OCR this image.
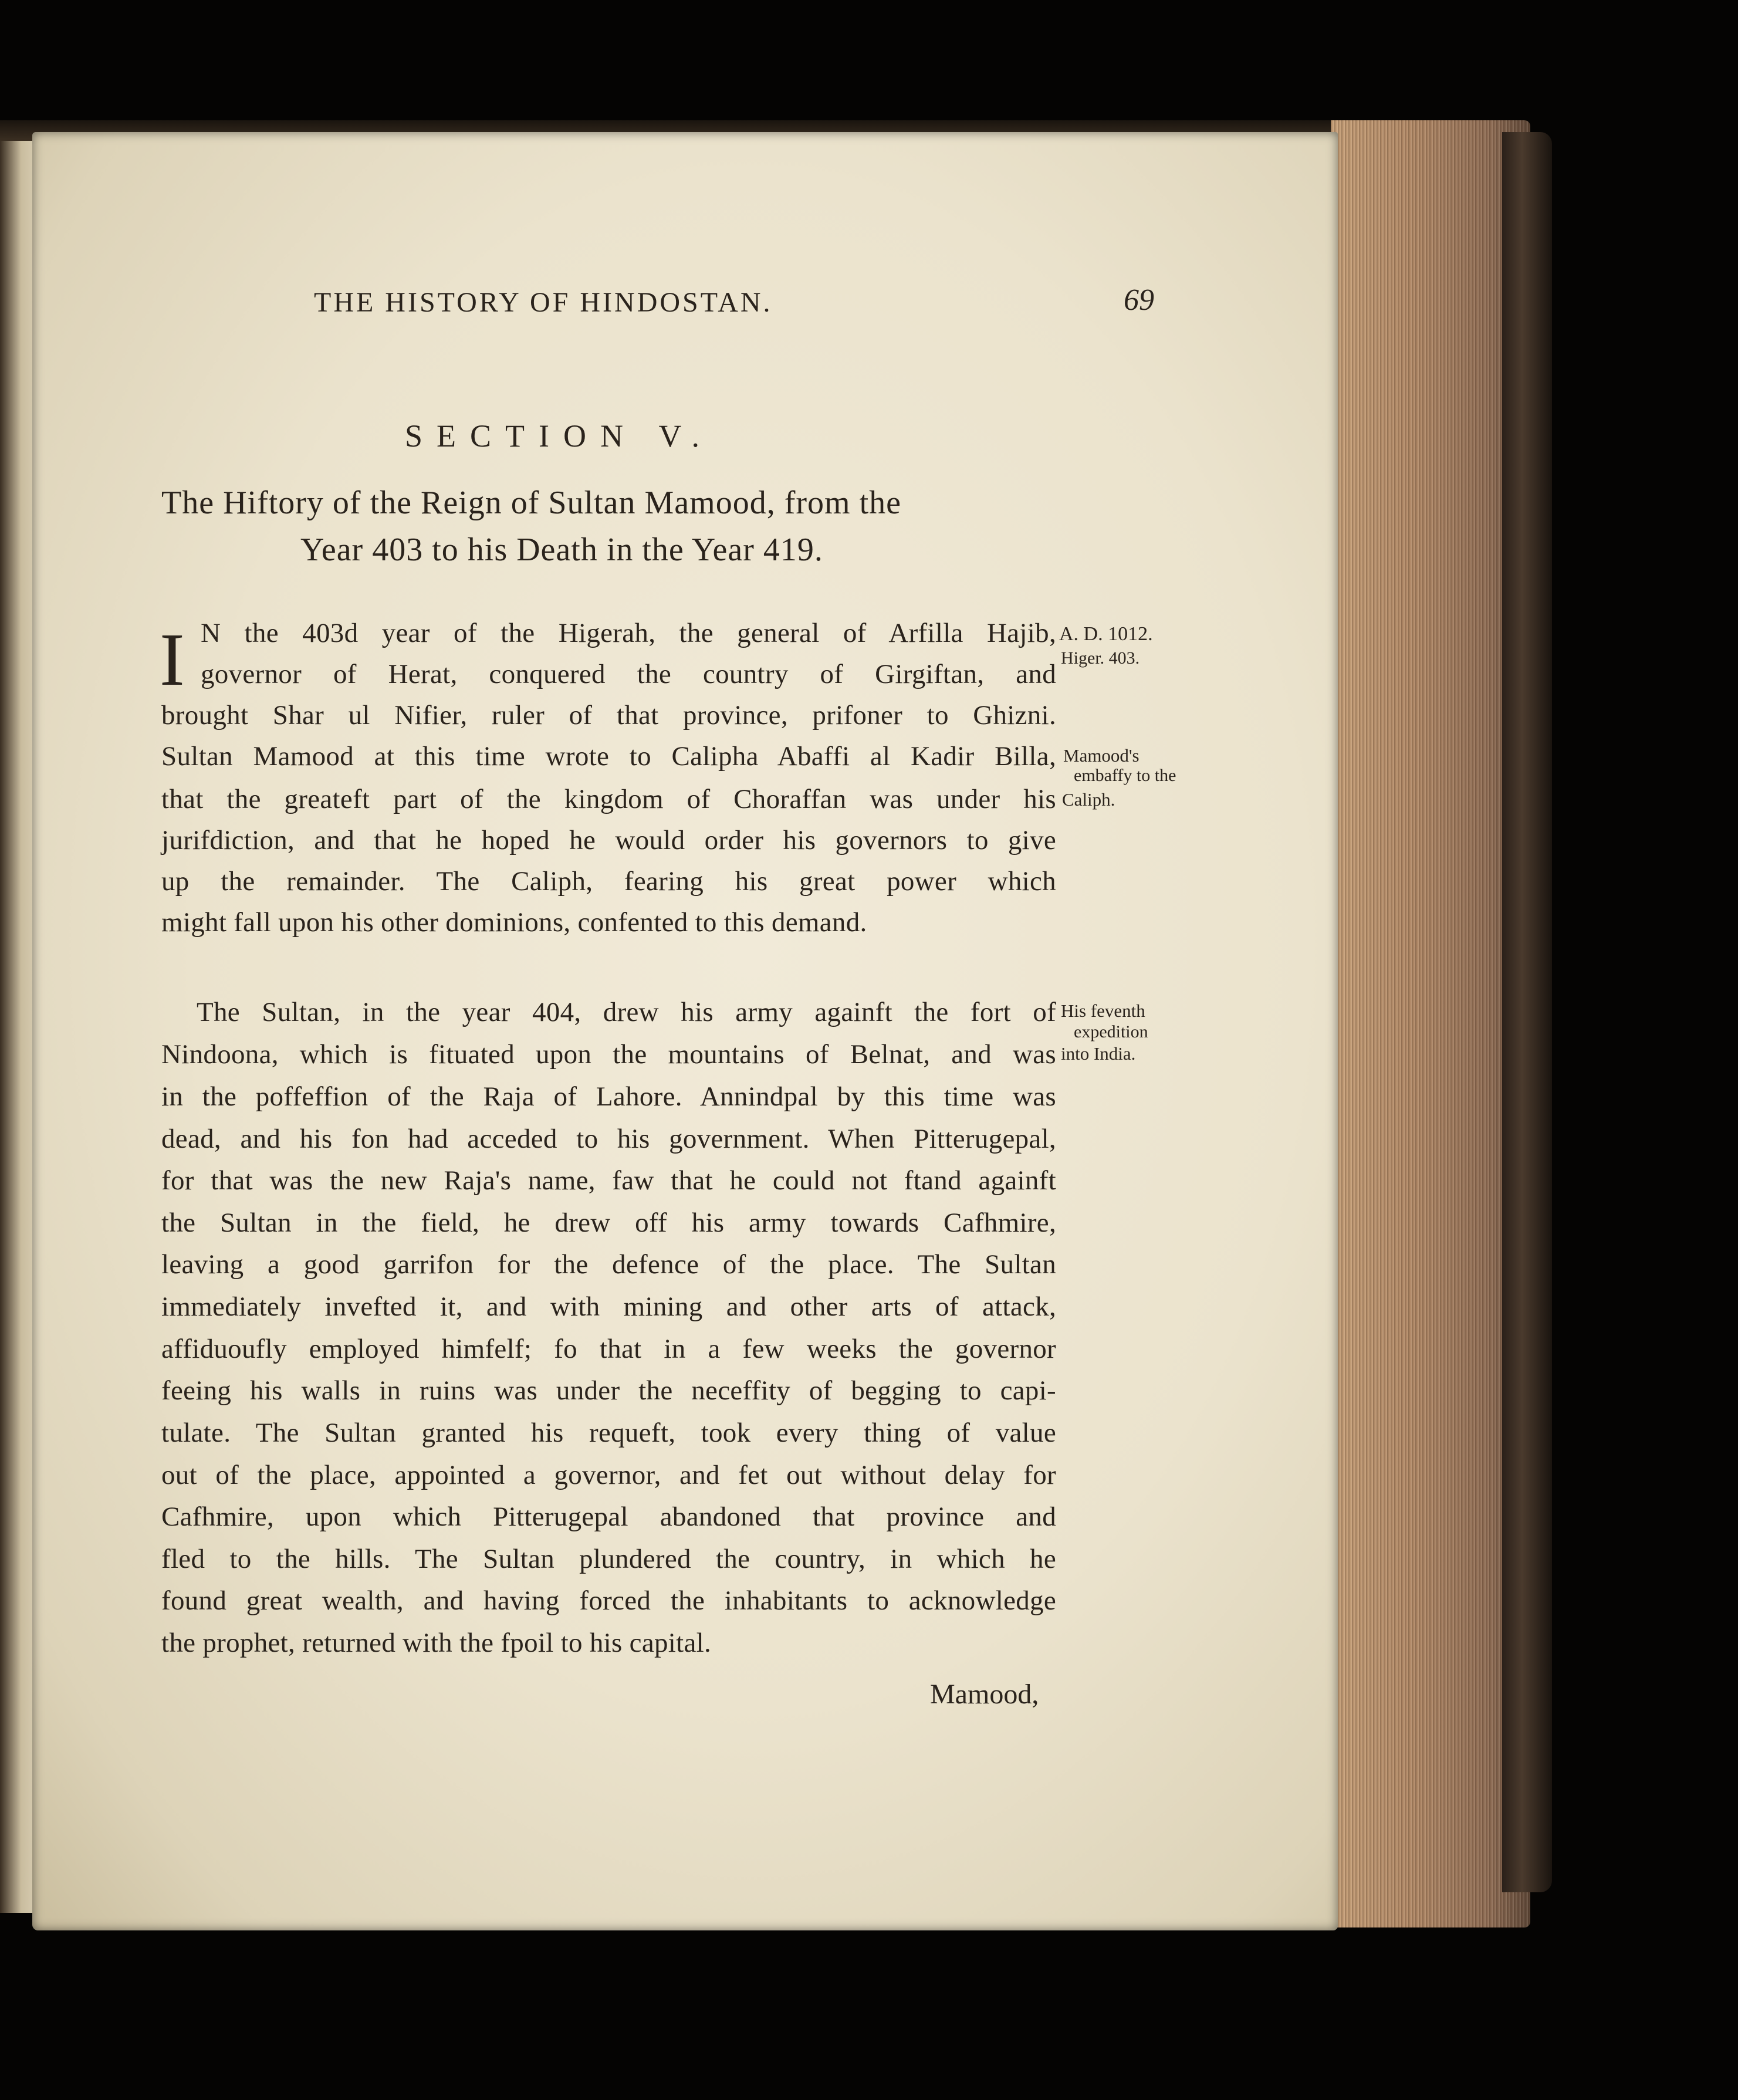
THE HISTORY OF HINDOSTAN.	69
SECTION V.
The Hiftory of the Reign of Sultan Mamood, from the
Year 403 to his Death in the Year 419.
I N the 403d year of the Higerah, the general of Arfilla Hajib,
governor of Herat, conquered the country of Girgiftan, and
brought Shar ul Nifier, ruler of that province, prifoner to Ghizni.
Sultan Mamood at this time wrote to Calipha Abaffi al Kadir Billa,
that the greateft part of the kingdom of Choraffan was under his
jurifdiction, and that he hoped he would order his governors to give
up the remainder. The Caliph, fearing his great power which
might fall upon his other dominions, confented to this demand.
The Sultan, in the year 404, drew his army againft the fort of
Nindoona, which is fituated upon the mountains of Belnat, and was
in the poffeffion of the Raja of Lahore. Annindpal by this time was
dead, and his fon had acceded to his government. When Pitterugepal,
for that was the new Raja's name, faw that he could not ftand againft
the Sultan in the field, he drew off his army towards Cafhmire,
leaving a good garrifon for the defence of the place. The Sultan
immediately invefted it, and with mining and other arts of attack,
affiduoufly employed himfelf; fo that in a few weeks the governor
feeing his walls in ruins was under the neceffity of begging to capi-
tulate. The Sultan granted his requeft, took every thing of value
out of the place, appointed a governor, and fet out without delay for
Cafhmire, upon which Pitterugepal abandoned that province and
fled to the hills. The Sultan plundered the country, in which he
found great wealth, and having forced the inhabitants to acknowledge
the prophet, returned with the fpoil to his capital.
A. D. 1012.
Higer. 403.
Mamood's
embaffy to the
Caliph.
His feventh
expedition
into India.
Mamood,
